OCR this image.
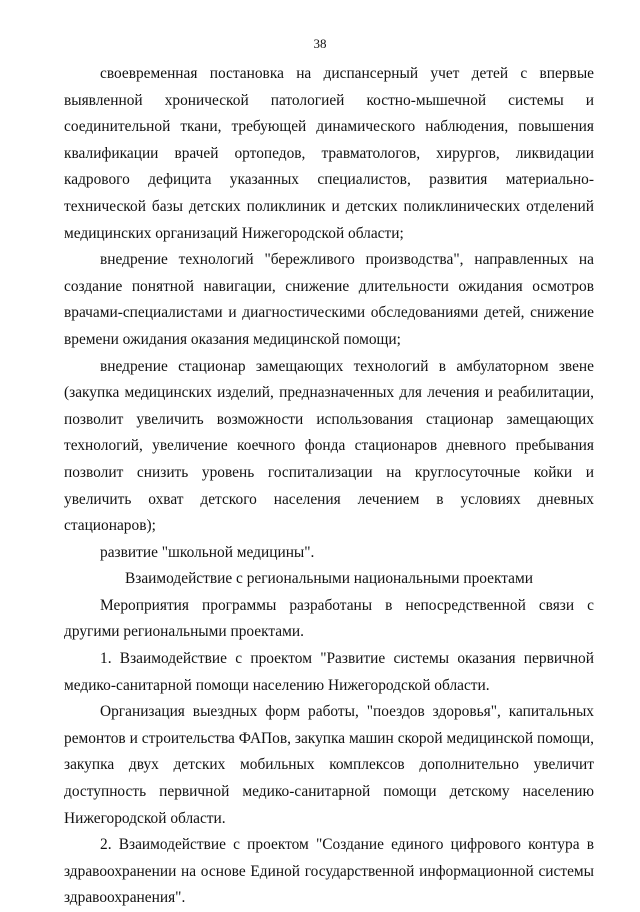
38

своевременная постановка на диспансерный учет детей с впервые выявленной хронической патологией костно-мышечной системы и соединительной ткани, требующей динамического наблюдения, повышения квалификации врачей ортопедов, травматологов, хирургов, ликвидации кадрового дефицита указанных специалистов, развития материально-технической базы детских поликлиник и детских поликлинических отделений медицинских организаций Нижегородской области;

внедрение технологий "бережливого производства", направленных на создание понятной навигации, снижение длительности ожидания осмотров врачами-специалистами и диагностическими обследованиями детей, снижение времени ожидания оказания медицинской помощи;

внедрение стационар замещающих технологий в амбулаторном звене (закупка медицинских изделий, предназначенных для лечения и реабилитации, позволит увеличить возможности использования стационар замещающих технологий, увеличение коечного фонда стационаров дневного пребывания позволит снизить уровень госпитализации на круглосуточные койки и увеличить охват детского населения лечением в условиях дневных стационаров);

развитие "школьной медицины".

Взаимодействие с региональными национальными проектами

Мероприятия программы разработаны в непосредственной связи с другими региональными проектами.

1. Взаимодействие с проектом "Развитие системы оказания первичной медико-санитарной помощи населению Нижегородской области.

Организация выездных форм работы, "поездов здоровья", капитальных ремонтов и строительства ФАПов, закупка машин скорой медицинской помощи, закупка двух детских мобильных комплексов дополнительно увеличит доступность первичной медико-санитарной помощи детскому населению Нижегородской области.

2. Взаимодействие с проектом "Создание единого цифрового контура в здравоохранении на основе Единой государственной информационной системы здравоохранения".
